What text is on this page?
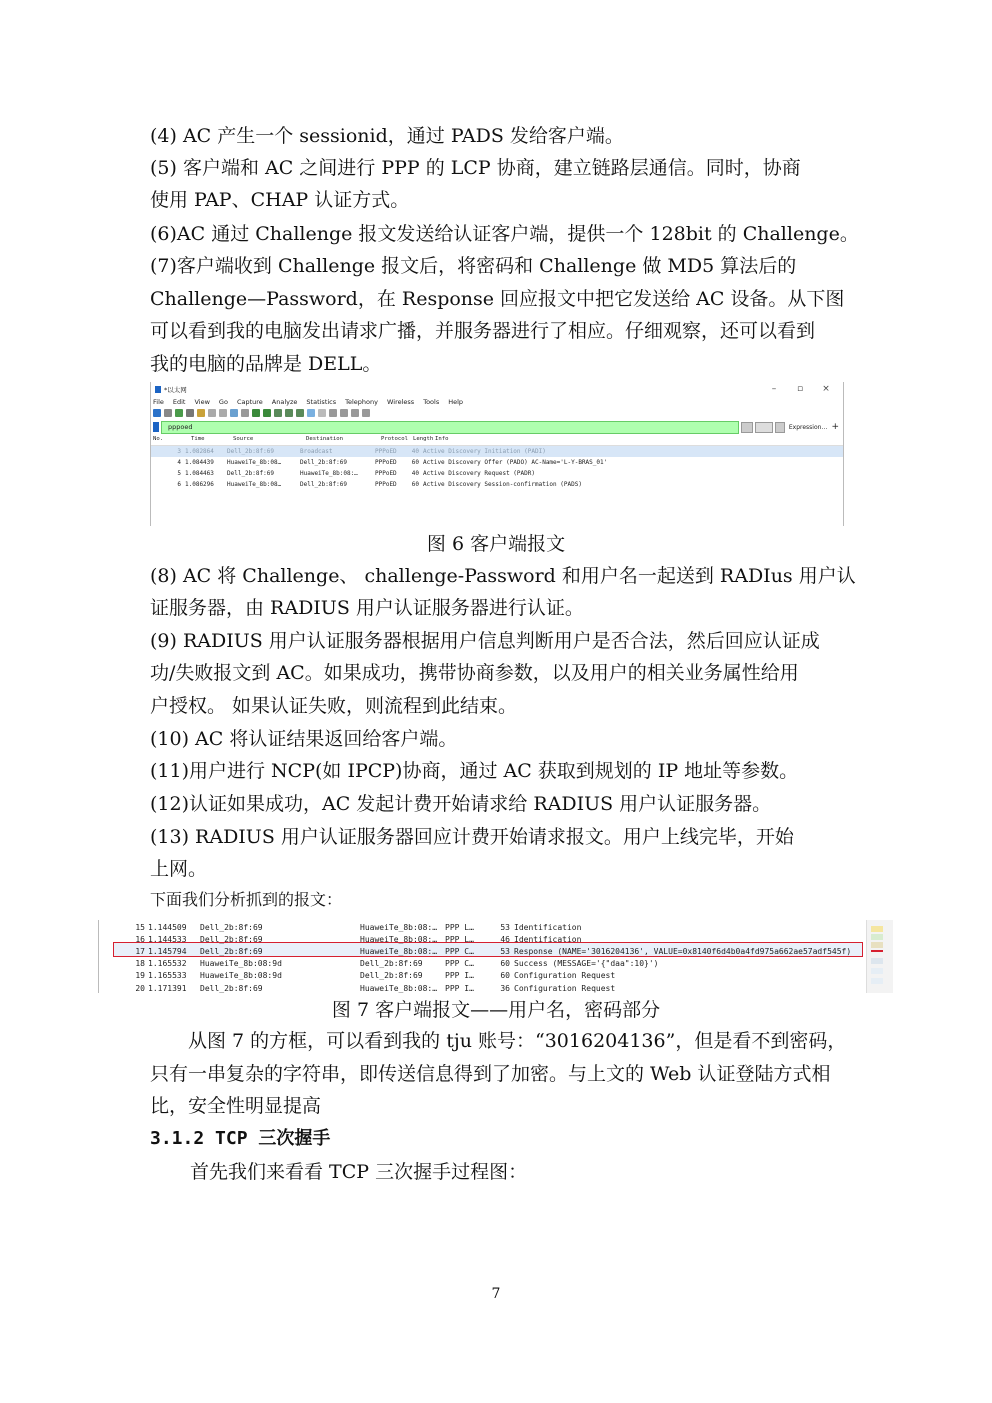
(4) AC 产生一个 sessionid，通过 PADS 发给客户端。

(5) 客户端和 AC 之间进行 PPP 的 LCP 协商，建立链路层通信。同时，协商

使用 PAP、CHAP 认证方式。

(6)AC 通过 Challenge 报文发送给认证客户端，提供一个 128bit 的 Challenge。

(7)客户端收到 Challenge 报文后，将密码和 Challenge 做 MD5 算法后的

Challenge—Password，在 Response 回应报文中把它发送给 AC 设备。从下图

可以看到我的电脑发出请求广播，并服务器进行了相应。仔细观察，还可以看到

我的电脑的品牌是 DELL。

*以太网	–	▫	×
File Edit View Go Capture Analyze Statistics Telephony Wireless Tools Help
pppoed	Expression… +
No.	Time	Source	Destination	Protocol Length Info
3 1.082864	Dell_2b:8f:69	Broadcast	PPPoED	40 Active Discovery Initiation (PADI)
4 1.084439	HuaweiTe_8b:08…	Dell_2b:8f:69	PPPoED	60 Active Discovery Offer (PADO) AC-Name='L-Y-BRAS_01'
5 1.084463	Dell_2b:8f:69	HuaweiTe_8b:08:…	PPPoED	40 Active Discovery Request (PADR)
6 1.086296	HuaweiTe_8b:08…	Dell_2b:8f:69	PPPoED	60 Active Discovery Session-confirmation (PADS)

图 6 客户端报文

(8) AC 将 Challenge、 challenge-Password 和用户名一起送到 RADIus 用户认

证服务器，由 RADIUS 用户认证服务器进行认证。

(9) RADIUS 用户认证服务器根据用户信息判断用户是否合法，然后回应认证成

功/失败报文到 AC。如果成功，携带协商参数，以及用户的相关业务属性给用

户授权。 如果认证失败，则流程到此结束。

(10) AC 将认证结果返回给客户端。

(11)用户进行 NCP(如 IPCP)协商，通过 AC 获取到规划的 IP 地址等参数。

(12)认证如果成功，AC 发起计费开始请求给 RADIUS 用户认证服务器。

(13) RADIUS 用户认证服务器回应计费开始请求报文。用户上线完毕，开始

上网。

下面我们分析抓到的报文：

15 1.144509	Dell_2b:8f:69	HuaweiTe_8b:08:… PPP L…	53 Identification
16 1.144533	Dell_2b:8f:69	HuaweiTe_8b:08:… PPP L…	46 Identification
17 1.145794	Dell_2b:8f:69	HuaweiTe_8b:08:… PPP C…	53 Response (NAME='3016204136', VALUE=0x8140f6d4b0a4fd975a662ae57adf545f)
18 1.165532	HuaweiTe_8b:08:9d	Dell_2b:8f:69	PPP C…	60 Success (MESSAGE='{"daa":10}')
19 1.165533	HuaweiTe_8b:08:9d	Dell_2b:8f:69	PPP I…	60 Configuration Request
20 1.171391	Dell_2b:8f:69	HuaweiTe_8b:08:… PPP I…	36 Configuration Request

图 7 客户端报文——用户名，密码部分

从图 7 的方框，可以看到我的 tju 账号：“3016204136”，但是看不到密码，

只有一串复杂的字符串，即传送信息得到了加密。与上文的 Web 认证登陆方式相

比，安全性明显提高

3.1.2 TCP 三次握手

首先我们来看看 TCP 三次握手过程图：

7
